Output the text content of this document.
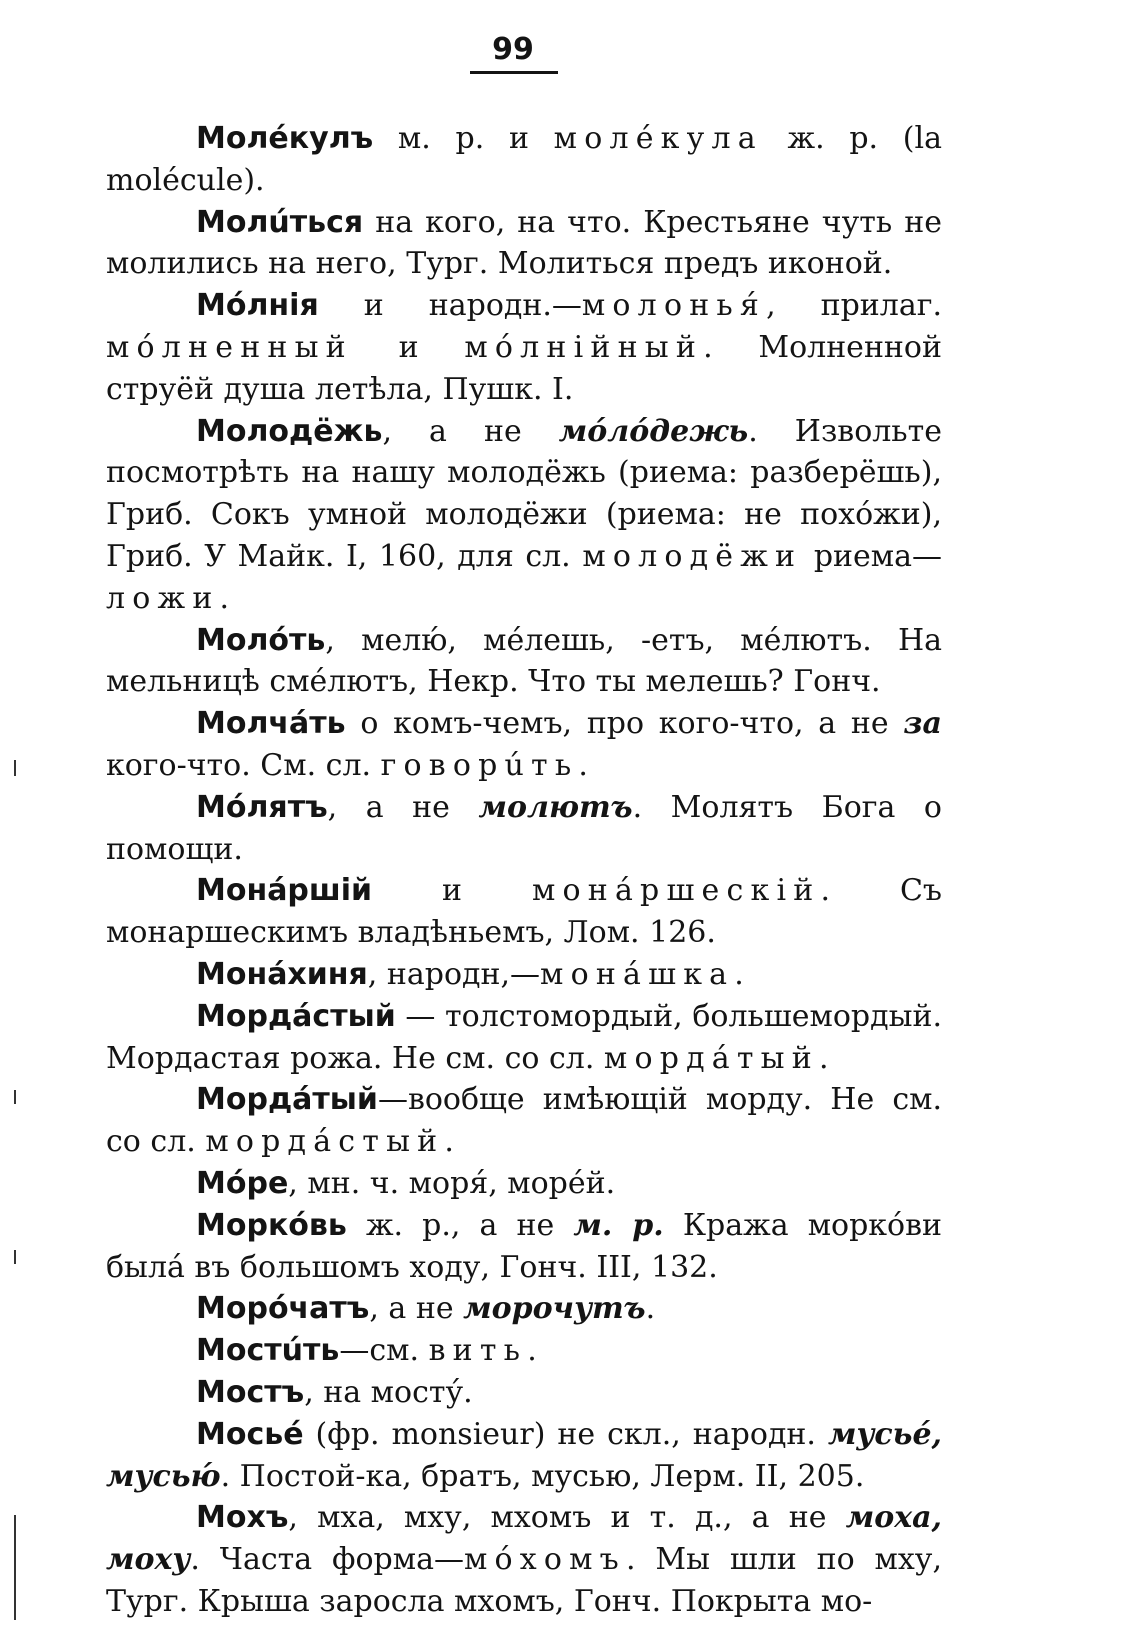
99

Молéкулъ м. р. и молéкула ж. р. (la molécule).

Молúться на кого, на что. Крестьяне чуть не молились на него, Тург. Молиться предъ иконой.

Мóлнія и народн.—молонья́, прилаг. мóлненный и мóлнійный. Молненной струёй душа летѣла, Пушк. I.

Молодёжь, а не мóлóдежь. Извольте посмотрѣть на нашу молодёжь (риема: разберёшь), Гриб. Сокъ умной молодёжи (риема: не похóжи), Гриб. У Майк. I, 160, для сл. молодёжи риема—ложи.

Молóть, мелю́, мéлешь, -етъ, мéлютъ. На мельницѣ смéлютъ, Некр. Что ты мелешь? Гонч.

Молча́ть о комъ-чемъ, про кого-что, а не за кого-что. См. сл. говорúть.

Мóлятъ, а не молютъ. Молятъ Бога о помощи.

Мона́ршій и мона́ршескій. Съ монаршескимъ владѣньемъ, Лом. 126.

Мона́хиня, народн,—мона́шка.

Морда́стый — толстомордый, большемордый. Мордастая рожа. Не см. со сл. морда́тый.

Морда́тый—вообще имѣющій морду. Не см. со сл. морда́стый.

Мóре, мн. ч. моря́, морéй.

Моркóвь ж. р., а не м. р. Кража моркóви была́ въ большомъ ходу, Гонч. III, 132.

Морóчатъ, а не морочутъ.

Мостúть—см. вить.

Мостъ, на мосту́.

Мосьé (фр. monsieur) не скл., народн. мусьé, мусью́. Постой-ка, братъ, мусью, Лерм. II, 205.

Мохъ, мха, мху, мхомъ и т. д., а не моха, моху. Часта форма—мóхомъ. Мы шли по мху, Тург. Крыша заросла мхомъ, Гонч. Покрыта мо-
